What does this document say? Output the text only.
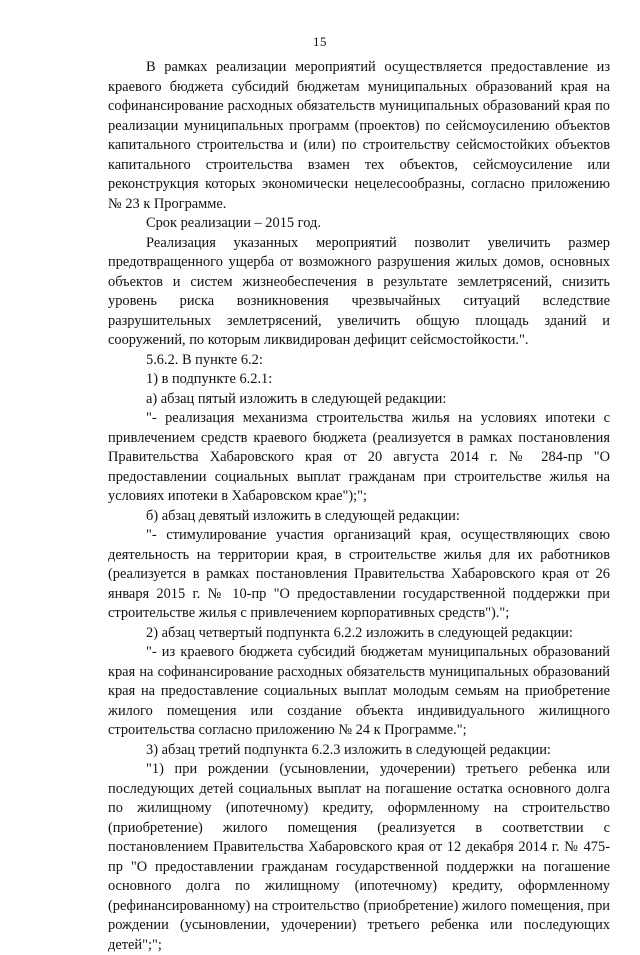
15

В рамках реализации мероприятий осуществляется предоставление из краевого бюджета субсидий бюджетам муниципальных образований края на софинансирование расходных обязательств муниципальных образований края по реализации муниципальных программ (проектов) по сейсмоусилению объектов капитального строительства и (или) по строительству сейсмостойких объектов капитального строительства взамен тех объектов, сейсмоусиление или реконструкция которых экономически нецелесообразны, согласно приложению № 23 к Программе.

Срок реализации – 2015 год.

Реализация указанных мероприятий позволит увеличить размер предотвращенного ущерба от возможного разрушения жилых домов, основных объектов и систем жизнеобеспечения в результате землетрясений, снизить уровень риска возникновения чрезвычайных ситуаций вследствие разрушительных землетрясений, увеличить общую площадь зданий и сооружений, по которым ликвидирован дефицит сейсмостойкости.".

5.6.2. В пункте 6.2:

1) в подпункте 6.2.1:

а) абзац пятый изложить в следующей редакции:

"- реализация механизма строительства жилья на условиях ипотеки с привлечением средств краевого бюджета (реализуется в рамках постановления Правительства Хабаровского края от 20 августа 2014 г. № 284-пр "О предоставлении социальных выплат гражданам при строительстве жилья на условиях ипотеки в Хабаровском крае");";

б) абзац девятый изложить в следующей редакции:

"- стимулирование участия организаций края, осуществляющих свою деятельность на территории края, в строительстве жилья для их работников (реализуется в рамках постановления Правительства Хабаровского края от 26 января 2015 г. № 10-пр "О предоставлении государственной поддержки при строительстве жилья с привлечением корпоративных средств").";

2) абзац четвертый подпункта 6.2.2 изложить в следующей редакции:

"- из краевого бюджета субсидий бюджетам муниципальных образований края на софинансирование расходных обязательств муниципальных образований края на предоставление социальных выплат молодым семьям на приобретение жилого помещения или создание объекта индивидуального жилищного строительства согласно приложению № 24 к Программе.";

3) абзац третий подпункта 6.2.3 изложить в следующей редакции:

"1) при рождении (усыновлении, удочерении) третьего ребенка или последующих детей социальных выплат на погашение остатка основного долга по жилищному (ипотечному) кредиту, оформленному на строительство (приобретение) жилого помещения (реализуется в соответствии с постановлением Правительства Хабаровского края от 12 декабря 2014 г. № 475-пр "О предоставлении гражданам государственной поддержки на погашение основного долга по жилищному (ипотечному) кредиту, оформленному (рефинансированному) на строительство (приобретение) жилого помещения, при рождении (усыновлении, удочерении) третьего ребенка или последующих детей";";
